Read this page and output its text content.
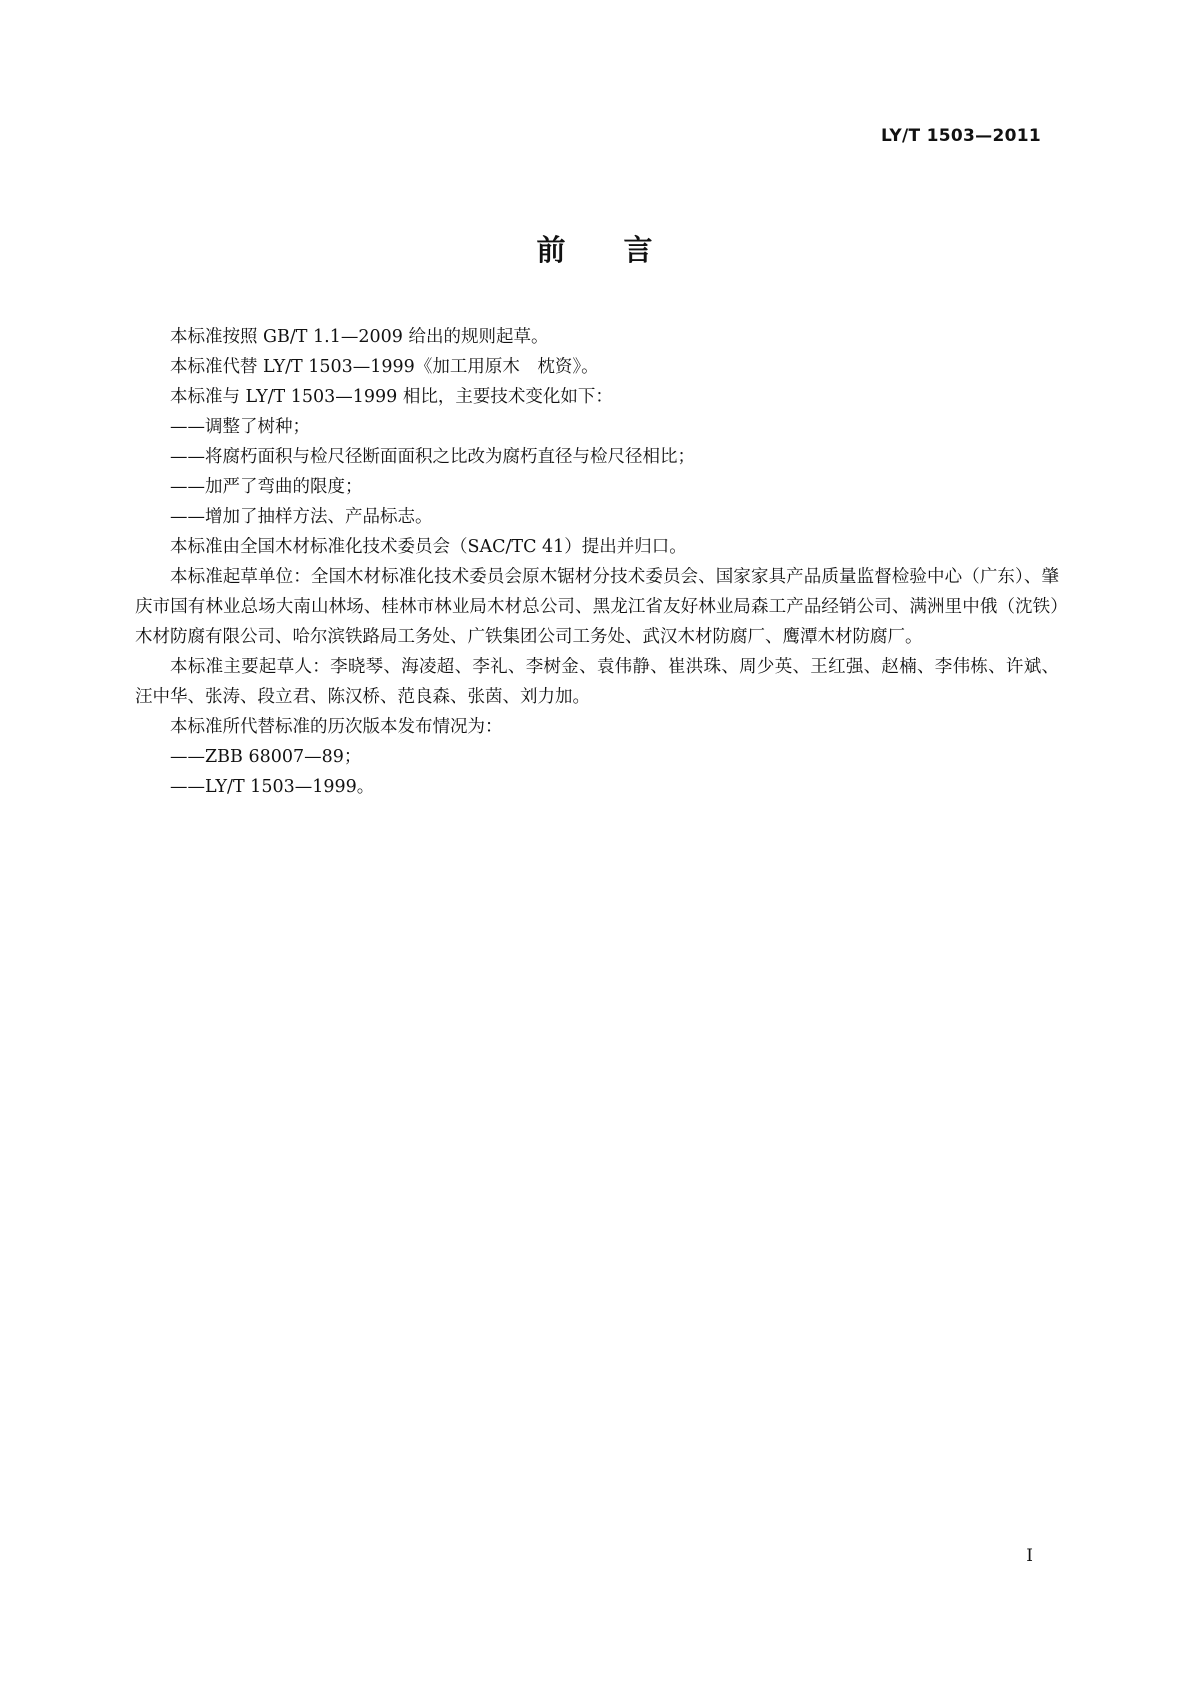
LY/T 1503—2011
前 言

本标准按照 GB/T 1.1—2009 给出的规则起草。

本标准代替 LY/T 1503—1999《加工用原木　枕资》。

本标准与 LY/T 1503—1999 相比，主要技术变化如下：

——调整了树种；

——将腐朽面积与检尺径断面面积之比改为腐朽直径与检尺径相比；

——加严了弯曲的限度；

——增加了抽样方法、产品标志。

本标准由全国木材标准化技术委员会（SAC/TC 41）提出并归口。

本标准起草单位：全国木材标准化技术委员会原木锯材分技术委员会、国家家具产品质量监督检验中心（广东）、肇庆市国有林业总场大南山林场、桂林市林业局木材总公司、黑龙江省友好林业局森工产品经销公司、满洲里中俄（沈铁）木材防腐有限公司、哈尔滨铁路局工务处、广铁集团公司工务处、武汉木材防腐厂、鹰潭木材防腐厂。

本标准主要起草人：李晓琴、海凌超、李礼、李树金、袁伟静、崔洪珠、周少英、王红强、赵楠、李伟栋、许斌、汪中华、张涛、段立君、陈汉桥、范良森、张茵、刘力加。

本标准所代替标准的历次版本发布情况为：

——ZBB 68007—89；

——LY/T 1503—1999。

I
